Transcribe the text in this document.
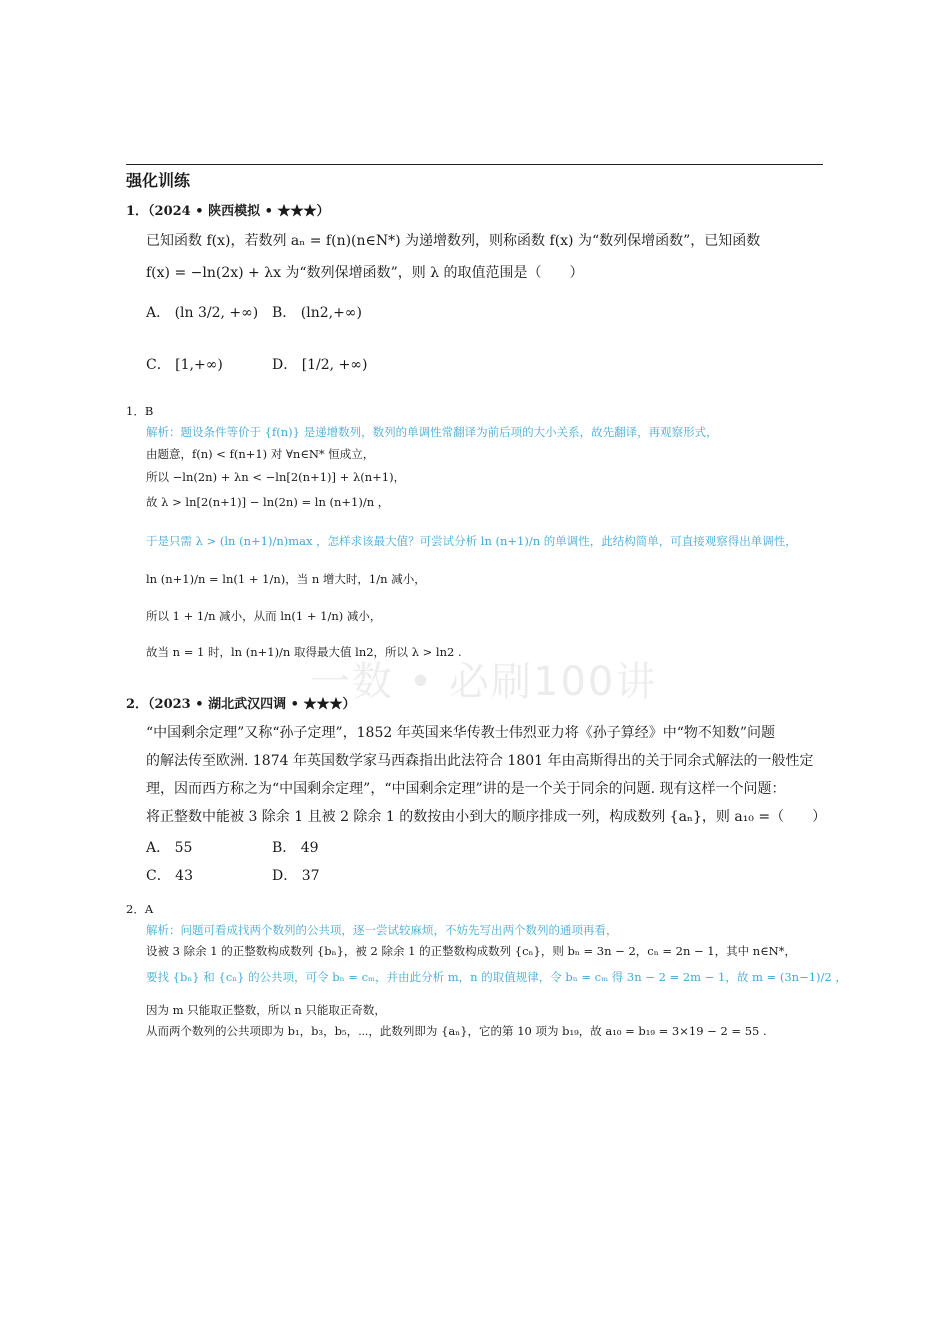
强化训练
一数 • 必刷100讲
1．（2024 • 陕西模拟 • ★★★）
已知函数 f(x)，若数列 aₙ = f(n)(n∈N*) 为递增数列，则称函数 f(x) 为“数列保增函数”，已知函数
f(x) = −ln(2x) + λx 为“数列保增函数”，则 λ 的取值范围是（　　）
A． (ln 3/2, +∞) B． (ln2,+∞)
C． [1,+∞)	D． [1/2, +∞)
1．B
解析：题设条件等价于 {f(n)} 是递增数列，数列的单调性常翻译为前后项的大小关系，故先翻译，再观察形式，
由题意，f(n) < f(n+1) 对 ∀n∈N* 恒成立，
所以 −ln(2n) + λn < −ln[2(n+1)] + λ(n+1)，
故 λ > ln[2(n+1)] − ln(2n) = ln (n+1)/n ，
于是只需 λ > (ln (n+1)/n)max ，怎样求该最大值？可尝试分析 ln (n+1)/n 的单调性，此结构简单，可直接观察得出单调性，
ln (n+1)/n = ln(1 + 1/n)，当 n 增大时，1/n 减小，
所以 1 + 1/n 减小，从而 ln(1 + 1/n) 减小，
故当 n = 1 时，ln (n+1)/n 取得最大值 ln2，所以 λ > ln2 .
2．（2023 • 湖北武汉四调 • ★★★）
“中国剩余定理”又称“孙子定理”，1852 年英国来华传教士伟烈亚力将《孙子算经》中“物不知数”问题
的解法传至欧洲. 1874 年英国数学家马西森指出此法符合 1801 年由高斯得出的关于同余式解法的一般性定
理，因而西方称之为“中国剩余定理”，“中国剩余定理”讲的是一个关于同余的问题. 现有这样一个问题：
将正整数中能被 3 除余 1 且被 2 除余 1 的数按由小到大的顺序排成一列，构成数列 {aₙ}，则 a₁₀ =（　　）
A． 55	B． 49
C． 43	D． 37
2．A
解析：问题可看成找两个数列的公共项，逐一尝试较麻烦，不妨先写出两个数列的通项再看，
设被 3 除余 1 的正整数构成数列 {bₙ}，被 2 除余 1 的正整数构成数列 {cₙ}，则 bₙ = 3n − 2，cₙ = 2n − 1，其中 n∈N*，
要找 {bₙ} 和 {cₙ} 的公共项，可令 bₙ = cₘ，并由此分析 m，n 的取值规律，令 bₙ = cₘ 得 3n − 2 = 2m − 1，故 m = (3n−1)/2 ，
因为 m 只能取正整数，所以 n 只能取正奇数，
从而两个数列的公共项即为 b₁，b₃，b₅，⋯，此数列即为 {aₙ}，它的第 10 项为 b₁₉，故 a₁₀ = b₁₉ = 3×19 − 2 = 55 .
